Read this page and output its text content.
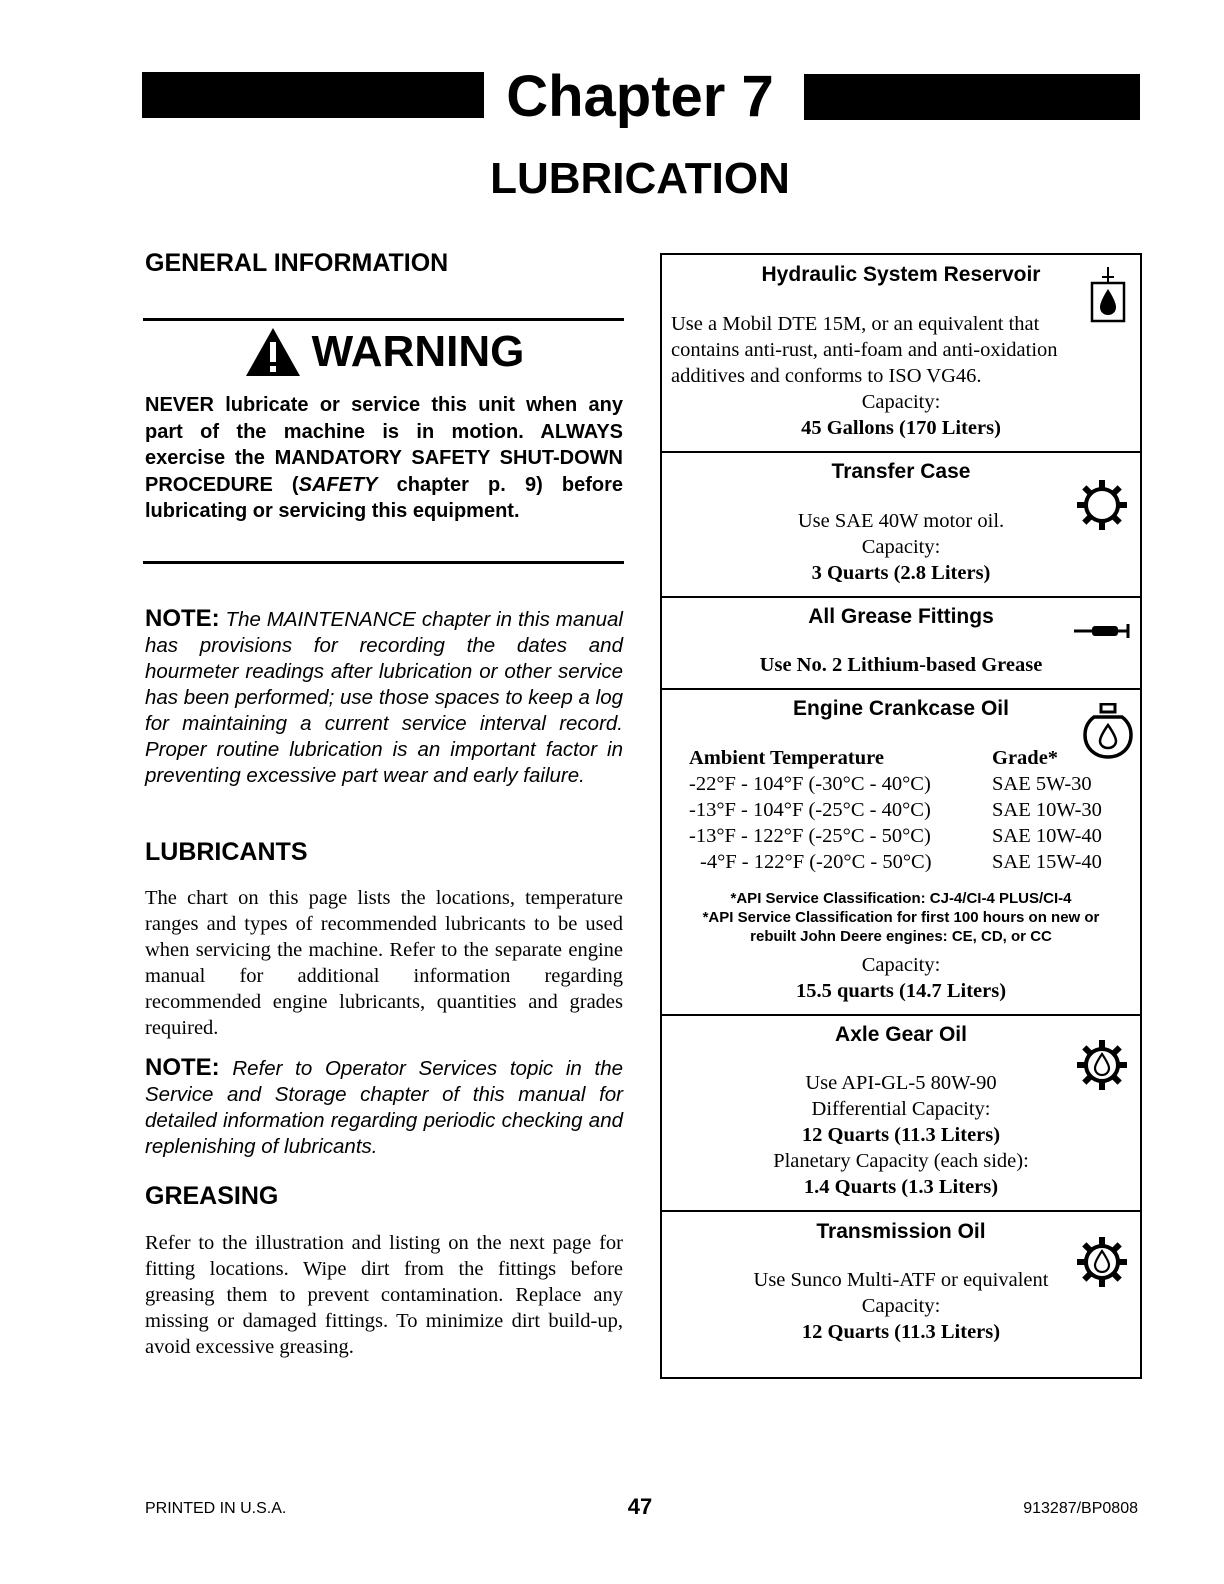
Chapter 7
LUBRICATION
GENERAL INFORMATION
WARNING
NEVER lubricate or service this unit when any part of the machine is in motion. ALWAYS exercise the MANDATORY SAFETY SHUT-DOWN PROCEDURE (SAFETY chapter p. 9) before lubricating or servicing this equipment.
NOTE: The MAINTENANCE chapter in this manual has provisions for recording the dates and hourmeter readings after lubrication or other service has been performed; use those spaces to keep a log for maintaining a current service interval record. Proper routine lubrication is an important factor in preventing excessive part wear and early failure.
LUBRICANTS
The chart on this page lists the locations, temperature ranges and types of recommended lubricants to be used when servicing the machine. Refer to the separate engine manual for additional information regarding recommended engine lubricants, quantities and grades required.
NOTE: Refer to Operator Services topic in the Service and Storage chapter of this manual for detailed information regarding periodic checking and replenishing of lubricants.
GREASING
Refer to the illustration and listing on the next page for fitting locations. Wipe dirt from the fittings before greasing them to prevent contamination. Replace any missing or damaged fittings. To minimize dirt build-up, avoid excessive greasing.
Hydraulic System Reservoir
Use a Mobil DTE 15M, or an equivalent that
contains anti-rust, anti-foam and anti-oxidation
additives and conforms to ISO VG46.
Capacity:
45 Gallons (170 Liters)
Transfer Case
Use SAE 40W motor oil.
Capacity:
3 Quarts (2.8 Liters)
All Grease Fittings
Use No. 2 Lithium-based Grease
Engine Crankcase Oil
Ambient Temperature	Grade*
-22°F - 104°F (-30°C - 40°C)	SAE 5W-30
-13°F - 104°F (-25°C - 40°C)	SAE 10W-30
-13°F - 122°F (-25°C - 50°C)	SAE 10W-40
-4°F - 122°F (-20°C - 50°C)	SAE 15W-40
*API Service Classification: CJ-4/CI-4 PLUS/CI-4
*API Service Classification for first 100 hours on new or
rebuilt John Deere engines: CE, CD, or CC
Capacity:
15.5 quarts (14.7 Liters)
Axle Gear Oil
Use API-GL-5 80W-90
Differential Capacity:
12 Quarts (11.3 Liters)
Planetary Capacity (each side):
1.4 Quarts (1.3 Liters)
Transmission Oil
Use Sunco Multi-ATF or equivalent
Capacity:
12 Quarts (11.3 Liters)
PRINTED IN U.S.A.	47	913287/BP0808
